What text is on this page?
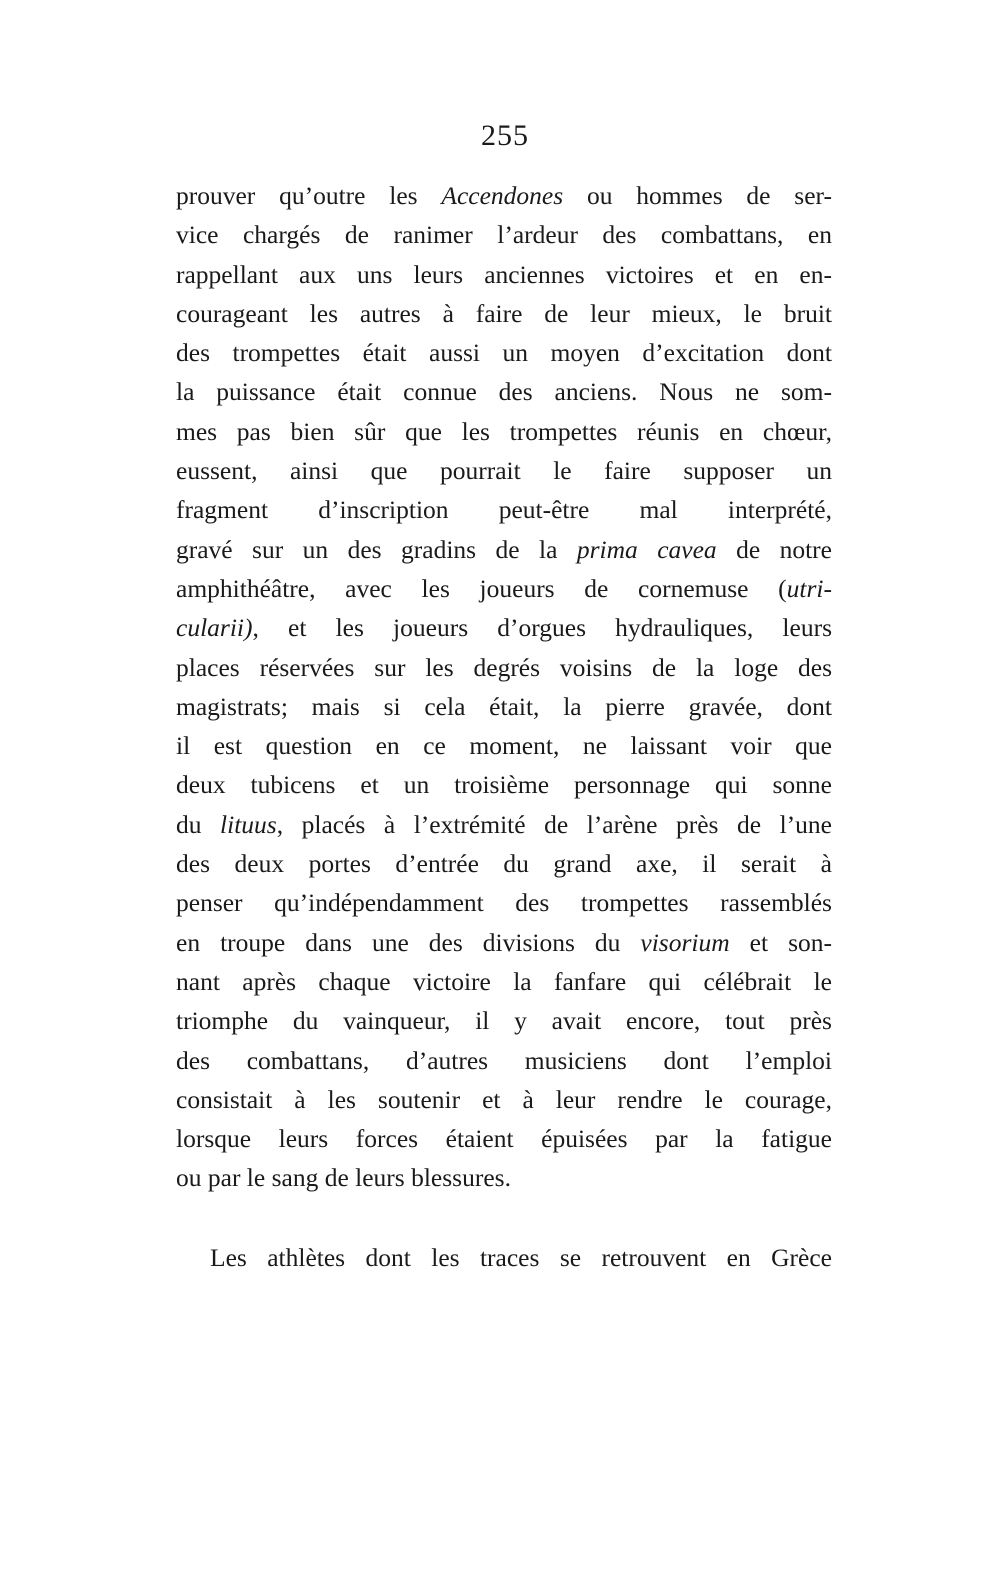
255
prouver qu’outre les Accendones ou hommes de ser-
vice chargés de ranimer l’ardeur des combattans, en
rappellant aux uns leurs anciennes victoires et en en-
courageant les autres à faire de leur mieux, le bruit
des trompettes était aussi un moyen d’excitation dont
la puissance était connue des anciens. Nous ne som-
mes pas bien sûr que les trompettes réunis en chœur,
eussent, ainsi que pourrait le faire supposer un
fragment d’inscription peut-être mal interprété,
gravé sur un des gradins de la prima cavea de notre
amphithéâtre, avec les joueurs de cornemuse (utri-
cularii), et les joueurs d’orgues hydrauliques, leurs
places réservées sur les degrés voisins de la loge des
magistrats; mais si cela était, la pierre gravée, dont
il est question en ce moment, ne laissant voir que
deux tubicens et un troisième personnage qui sonne
du lituus, placés à l’extrémité de l’arène près de l’une
des deux portes d’entrée du grand axe, il serait à
penser qu’indépendamment des trompettes rassemblés
en troupe dans une des divisions du visorium et son-
nant après chaque victoire la fanfare qui célébrait le
triomphe du vainqueur, il y avait encore, tout près
des combattans, d’autres musiciens dont l’emploi
consistait à les soutenir et à leur rendre le courage,
lorsque leurs forces étaient épuisées par la fatigue
ou par le sang de leurs blessures.
Les athlètes dont les traces se retrouvent en Grèce
